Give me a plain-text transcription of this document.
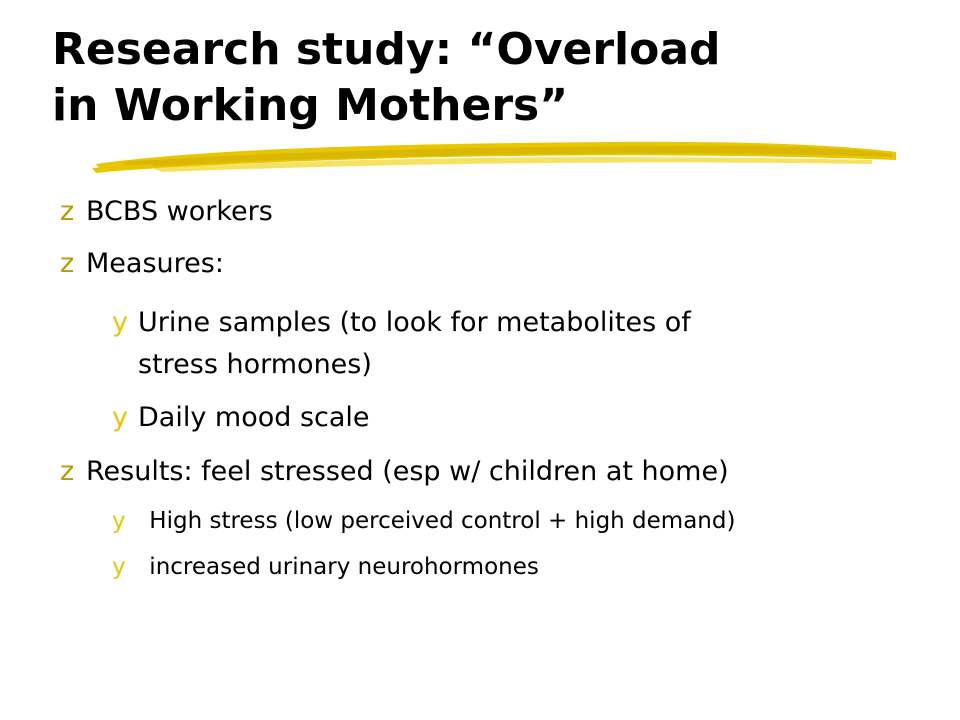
Research study: “Overload
in Working Mothers”
z BCBS workers
z Measures:
y Urine samples (to look for metabolites of
stress hormones)
y Daily mood scale
z Results: feel stressed (esp w/ children at home)
y High stress (low perceived control + high demand)
y increased urinary neurohormones
